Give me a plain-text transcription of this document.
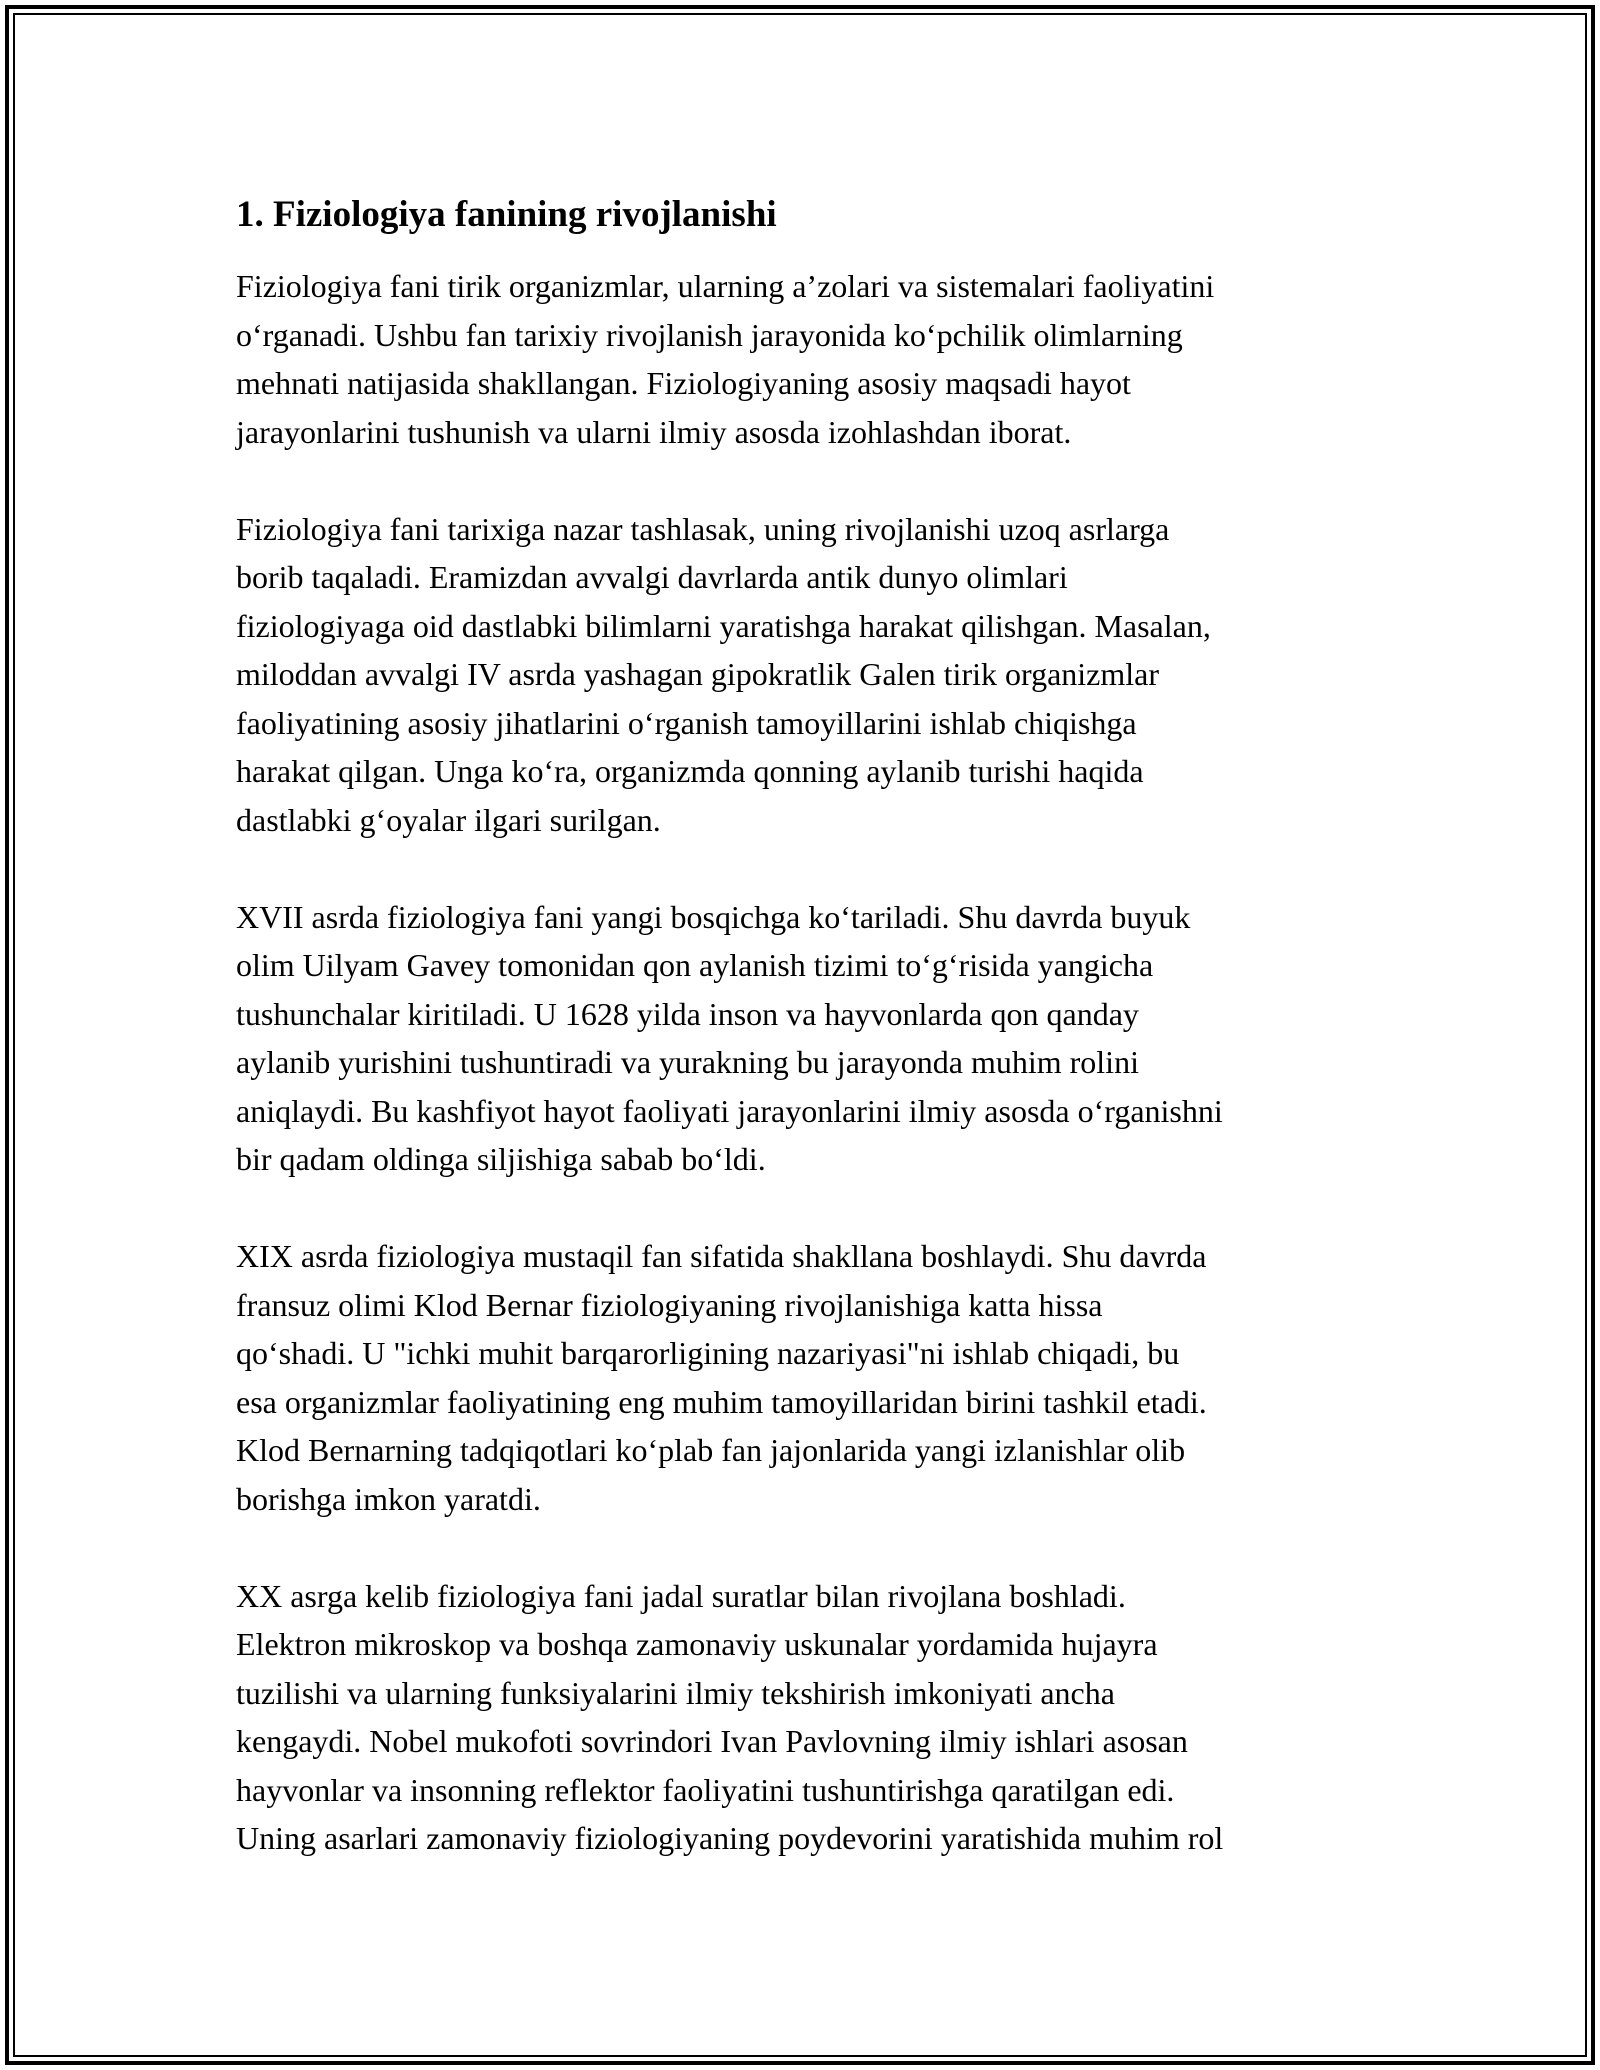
1. Fiziologiya fanining rivojlanishi

Fiziologiya fani tirik organizmlar, ularning a’zolari va sistemalari faoliyatini
o‘rganadi. Ushbu fan tarixiy rivojlanish jarayonida ko‘pchilik olimlarning
mehnati natijasida shakllangan. Fiziologiyaning asosiy maqsadi hayot
jarayonlarini tushunish va ularni ilmiy asosda izohlashdan iborat.

Fiziologiya fani tarixiga nazar tashlasak, uning rivojlanishi uzoq asrlarga
borib taqaladi. Eramizdan avvalgi davrlarda antik dunyo olimlari
fiziologiyaga oid dastlabki bilimlarni yaratishga harakat qilishgan. Masalan,
miloddan avvalgi IV asrda yashagan gipokratlik Galen tirik organizmlar
faoliyatining asosiy jihatlarini o‘rganish tamoyillarini ishlab chiqishga
harakat qilgan. Unga ko‘ra, organizmda qonning aylanib turishi haqida
dastlabki g‘oyalar ilgari surilgan.

XVII asrda fiziologiya fani yangi bosqichga ko‘tariladi. Shu davrda buyuk
olim Uilyam Gavey tomonidan qon aylanish tizimi to‘g‘risida yangicha
tushunchalar kiritiladi. U 1628 yilda inson va hayvonlarda qon qanday
aylanib yurishini tushuntiradi va yurakning bu jarayonda muhim rolini
aniqlaydi. Bu kashfiyot hayot faoliyati jarayonlarini ilmiy asosda o‘rganishni
bir qadam oldinga siljishiga sabab bo‘ldi.

XIX asrda fiziologiya mustaqil fan sifatida shakllana boshlaydi. Shu davrda
fransuz olimi Klod Bernar fiziologiyaning rivojlanishiga katta hissa
qo‘shadi. U "ichki muhit barqarorligining nazariyasi"ni ishlab chiqadi, bu
esa organizmlar faoliyatining eng muhim tamoyillaridan birini tashkil etadi.
Klod Bernarning tadqiqotlari ko‘plab fan jajonlarida yangi izlanishlar olib
borishga imkon yaratdi.

XX asrga kelib fiziologiya fani jadal suratlar bilan rivojlana boshladi.
Elektron mikroskop va boshqa zamonaviy uskunalar yordamida hujayra
tuzilishi va ularning funksiyalarini ilmiy tekshirish imkoniyati ancha
kengaydi. Nobel mukofoti sovrindori Ivan Pavlovning ilmiy ishlari asosan
hayvonlar va insonning reflektor faoliyatini tushuntirishga qaratilgan edi.
Uning asarlari zamonaviy fiziologiyaning poydevorini yaratishida muhim rol
